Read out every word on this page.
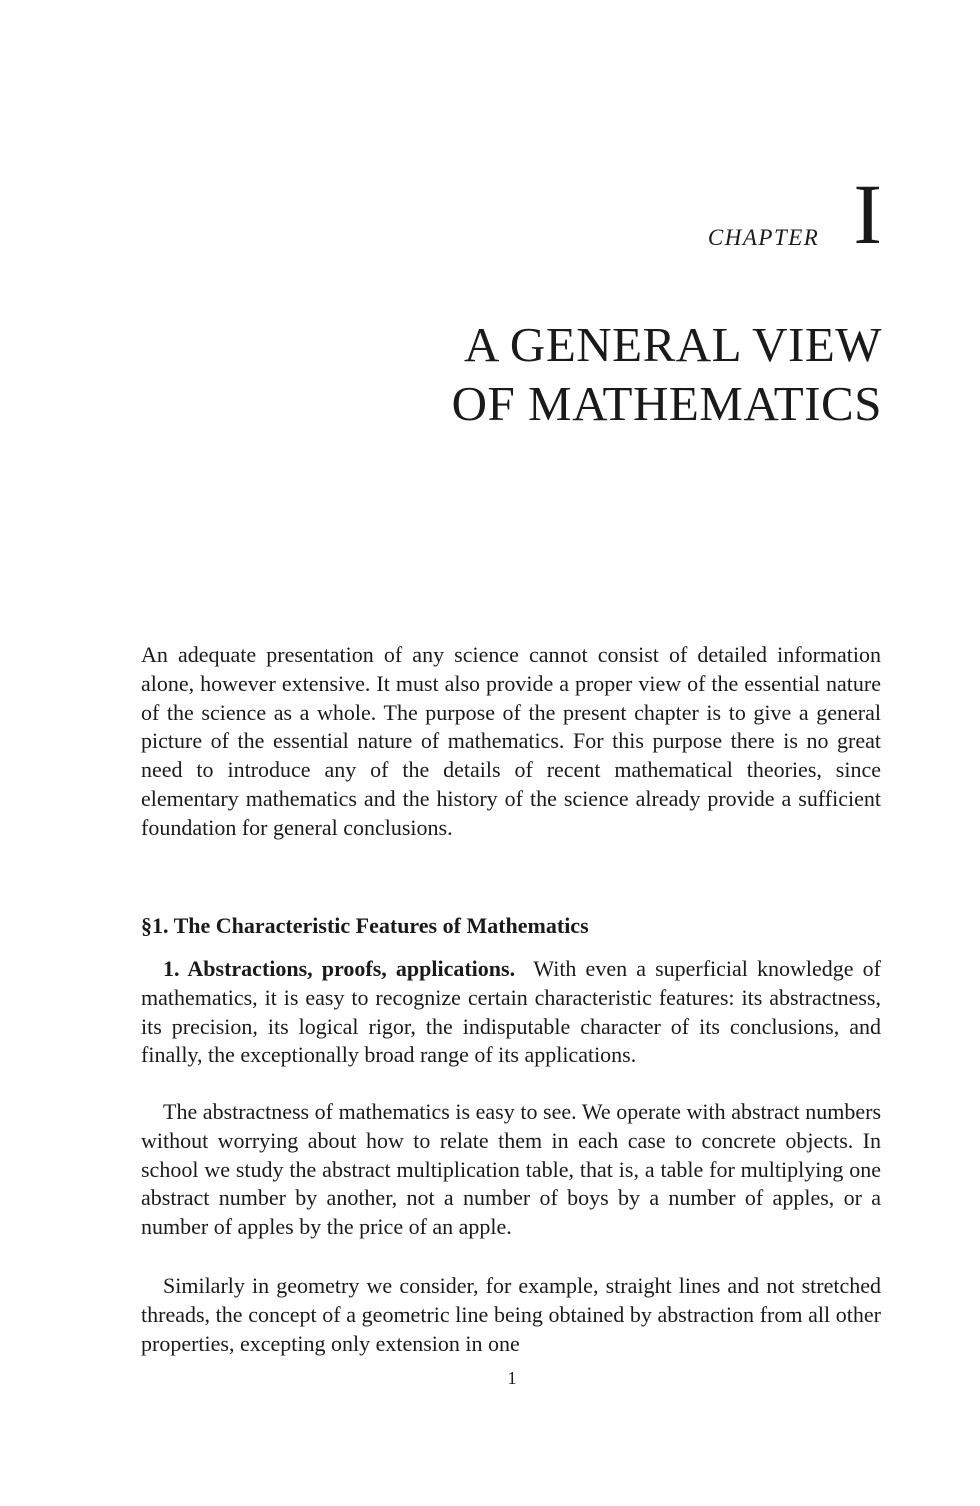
CHAPTER I
A GENERAL VIEW
OF MATHEMATICS

An adequate presentation of any science cannot consist of detailed information alone, however extensive. It must also provide a proper view of the essential nature of the science as a whole. The purpose of the present chapter is to give a general picture of the essential nature of mathematics. For this purpose there is no great need to introduce any of the details of recent mathematical theories, since elementary mathematics and the history of the science already provide a sufficient foundation for general conclusions.

§1. The Characteristic Features of Mathematics

1. Abstractions, proofs, applications. With even a superficial knowledge of mathematics, it is easy to recognize certain characteristic features: its abstractness, its precision, its logical rigor, the indisputable character of its conclusions, and finally, the exceptionally broad range of its applications.

The abstractness of mathematics is easy to see. We operate with abstract numbers without worrying about how to relate them in each case to concrete objects. In school we study the abstract multiplication table, that is, a table for multiplying one abstract number by another, not a number of boys by a number of apples, or a number of apples by the price of an apple.

Similarly in geometry we consider, for example, straight lines and not stretched threads, the concept of a geometric line being obtained by abstraction from all other properties, excepting only extension in one

1
